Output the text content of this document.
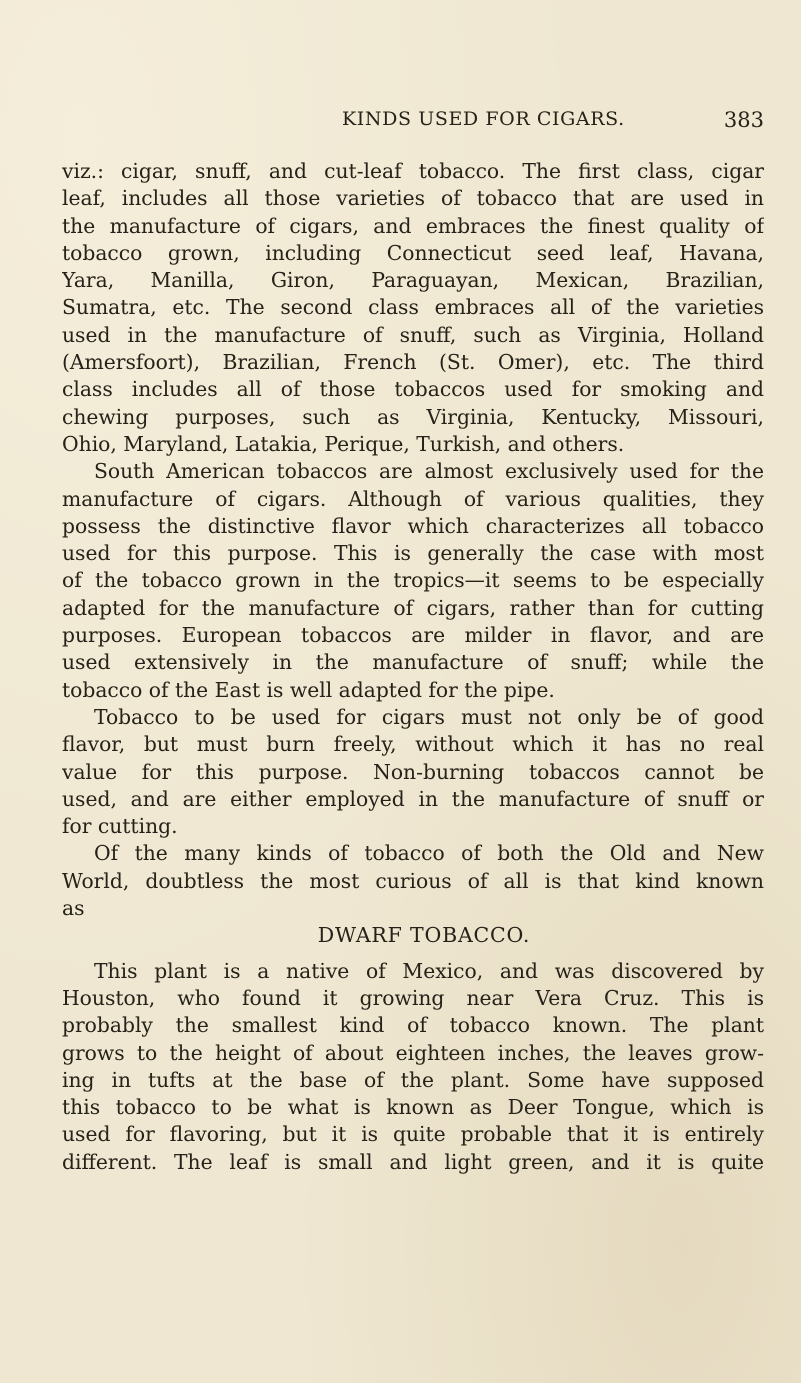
KINDS USED FOR CIGARS.	383
viz.: cigar, snuff, and cut-leaf tobacco. The first class, cigar
leaf, includes all those varieties of tobacco that are used in
the manufacture of cigars, and embraces the finest quality of
tobacco grown, including Connecticut seed leaf, Havana,
Yara, Manilla, Giron, Paraguayan, Mexican, Brazilian,
Sumatra, etc. The second class embraces all of the varieties
used in the manufacture of snuff, such as Virginia, Holland
(Amersfoort), Brazilian, French (St. Omer), etc. The third
class includes all of those tobaccos used for smoking and
chewing purposes, such as Virginia, Kentucky, Missouri,
Ohio, Maryland, Latakia, Perique, Turkish, and others.
South American tobaccos are almost exclusively used for the
manufacture of cigars. Although of various qualities, they
possess the distinctive flavor which characterizes all tobacco
used for this purpose. This is generally the case with most
of the tobacco grown in the tropics—it seems to be especially
adapted for the manufacture of cigars, rather than for cutting
purposes. European tobaccos are milder in flavor, and are
used extensively in the manufacture of snuff; while the
tobacco of the East is well adapted for the pipe.
Tobacco to be used for cigars must not only be of good
flavor, but must burn freely, without which it has no real
value for this purpose. Non-burning tobaccos cannot be
used, and are either employed in the manufacture of snuff or
for cutting.
Of the many kinds of tobacco of both the Old and New
World, doubtless the most curious of all is that kind known
as
DWARF TOBACCO.
This plant is a native of Mexico, and was discovered by
Houston, who found it growing near Vera Cruz. This is
probably the smallest kind of tobacco known. The plant
grows to the height of about eighteen inches, the leaves grow-
ing in tufts at the base of the plant. Some have supposed
this tobacco to be what is known as Deer Tongue, which is
used for flavoring, but it is quite probable that it is entirely
different. The leaf is small and light green, and it is quite
